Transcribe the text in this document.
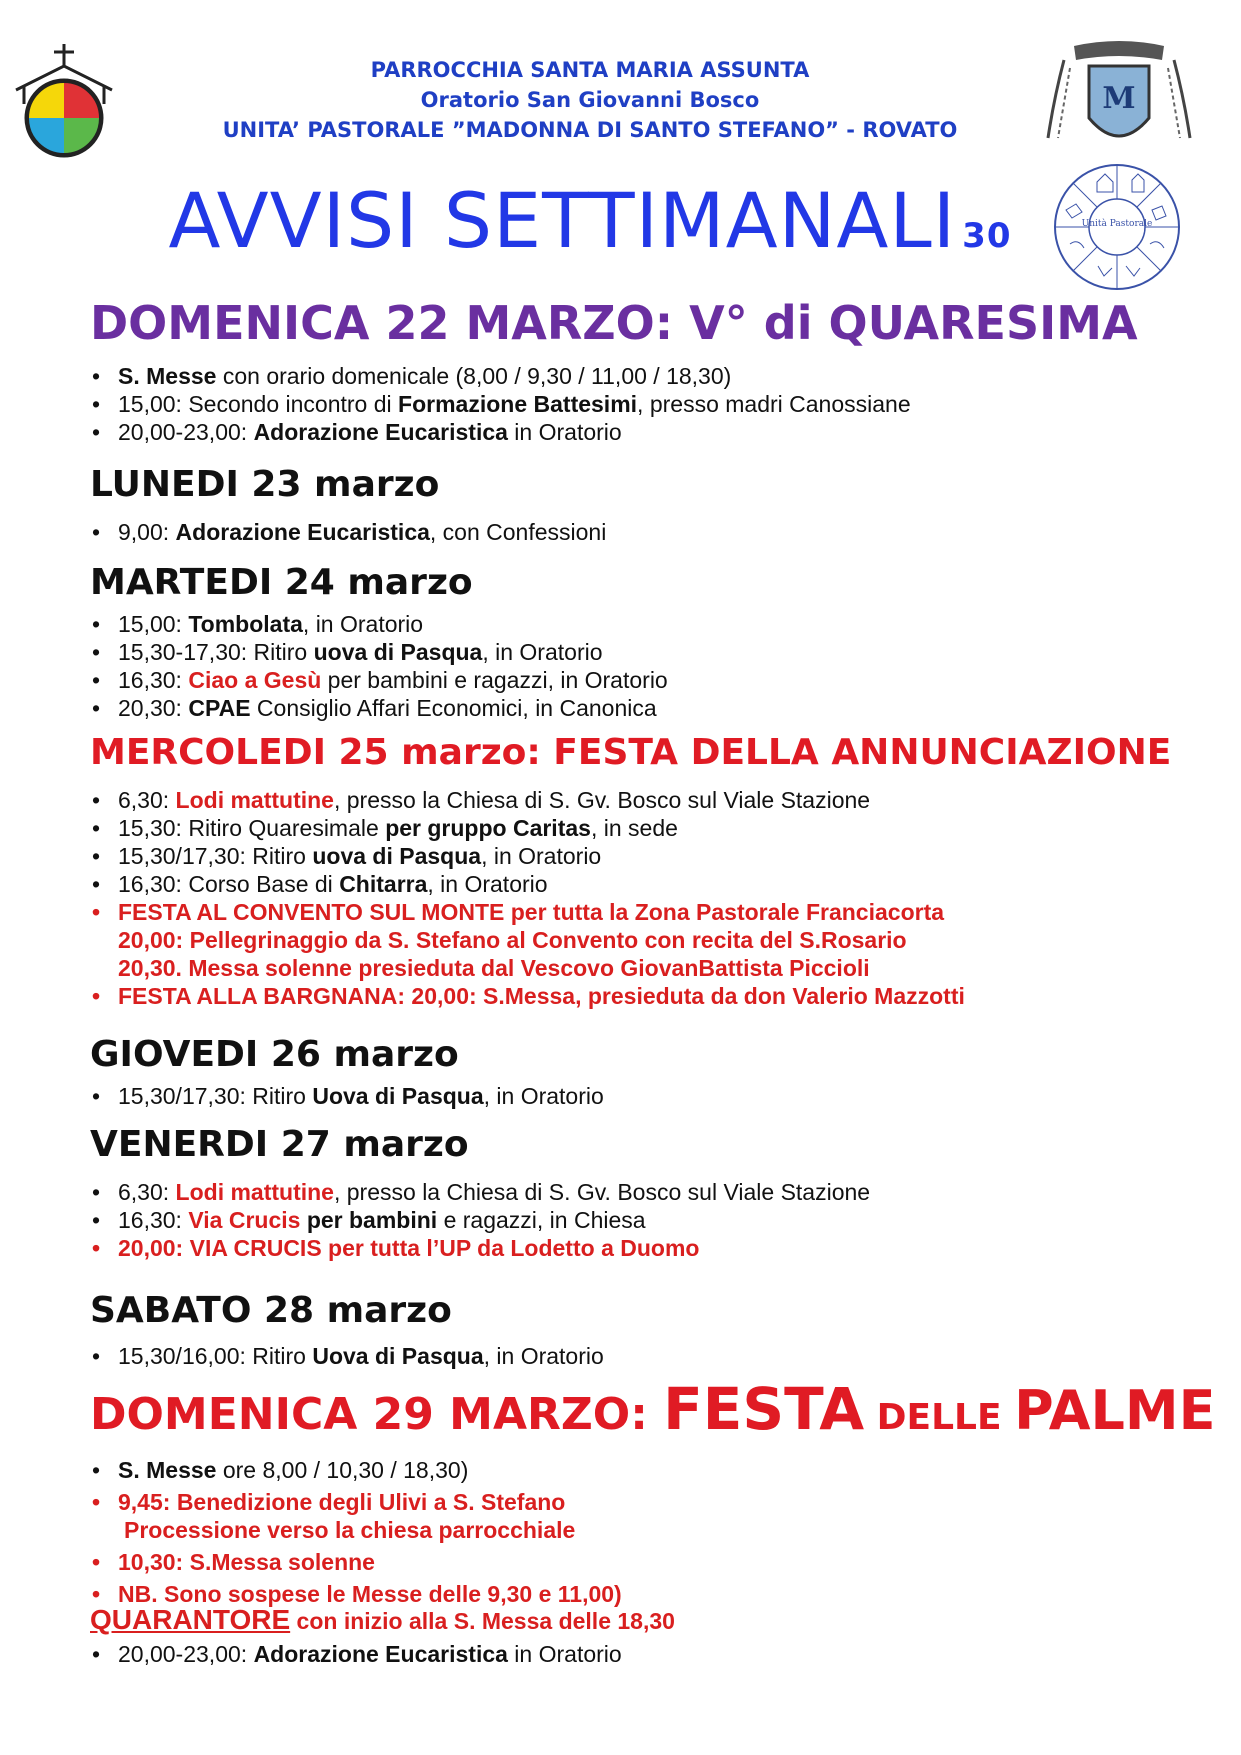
PARROCCHIA SANTA MARIA ASSUNTA
Oratorio San Giovanni Bosco
UNITA’ PASTORALE ”MADONNA DI SANTO STEFANO” - ROVATO
M
Unità Pastorale
AVVISI SETTIMANALI 30
DOMENICA 22 MARZO: V° di QUARESIMA
• S. Messe con orario domenicale (8,00 / 9,30 / 11,00 / 18,30)
• 15,00: Secondo incontro di Formazione Battesimi, presso madri Canossiane
• 20,00-23,00: Adorazione Eucaristica in Oratorio
LUNEDI 23 marzo
• 9,00: Adorazione Eucaristica, con Confessioni
MARTEDI 24 marzo
• 15,00: Tombolata, in Oratorio
• 15,30-17,30: Ritiro uova di Pasqua, in Oratorio
• 16,30: Ciao a Gesù per bambini e ragazzi, in Oratorio
• 20,30: CPAE Consiglio Affari Economici, in Canonica
MERCOLEDI 25 marzo: FESTA DELLA ANNUNCIAZIONE
• 6,30: Lodi mattutine, presso la Chiesa di S. Gv. Bosco sul Viale Stazione
• 15,30: Ritiro Quaresimale per gruppo Caritas, in sede
• 15,30/17,30: Ritiro uova di Pasqua, in Oratorio
• 16,30: Corso Base di Chitarra, in Oratorio
• FESTA AL CONVENTO SUL MONTE per tutta la Zona Pastorale Franciacorta
20,00: Pellegrinaggio da S. Stefano al Convento con recita del S.Rosario
20,30. Messa solenne presieduta dal Vescovo GiovanBattista Piccioli
• FESTA ALLA BARGNANA: 20,00: S.Messa, presieduta da don Valerio Mazzotti
GIOVEDI 26 marzo
• 15,30/17,30: Ritiro Uova di Pasqua, in Oratorio
VENERDI 27 marzo
• 6,30: Lodi mattutine, presso la Chiesa di S. Gv. Bosco sul Viale Stazione
• 16,30: Via Crucis per bambini e ragazzi, in Chiesa
• 20,00: VIA CRUCIS per tutta l’UP da Lodetto a Duomo
SABATO 28 marzo
• 15,30/16,00: Ritiro Uova di Pasqua, in Oratorio
DOMENICA 29 MARZO: FESTA DELLE PALME
• S. Messe ore 8,00 / 10,30 / 18,30)
• 9,45: Benedizione degli Ulivi a S. Stefano
Processione verso la chiesa parrocchiale
• 10,30: S.Messa solenne
• NB. Sono sospese le Messe delle 9,30 e 11,00)
QUARANTORE con inizio alla S. Messa delle 18,30
• 20,00-23,00: Adorazione Eucaristica in Oratorio
